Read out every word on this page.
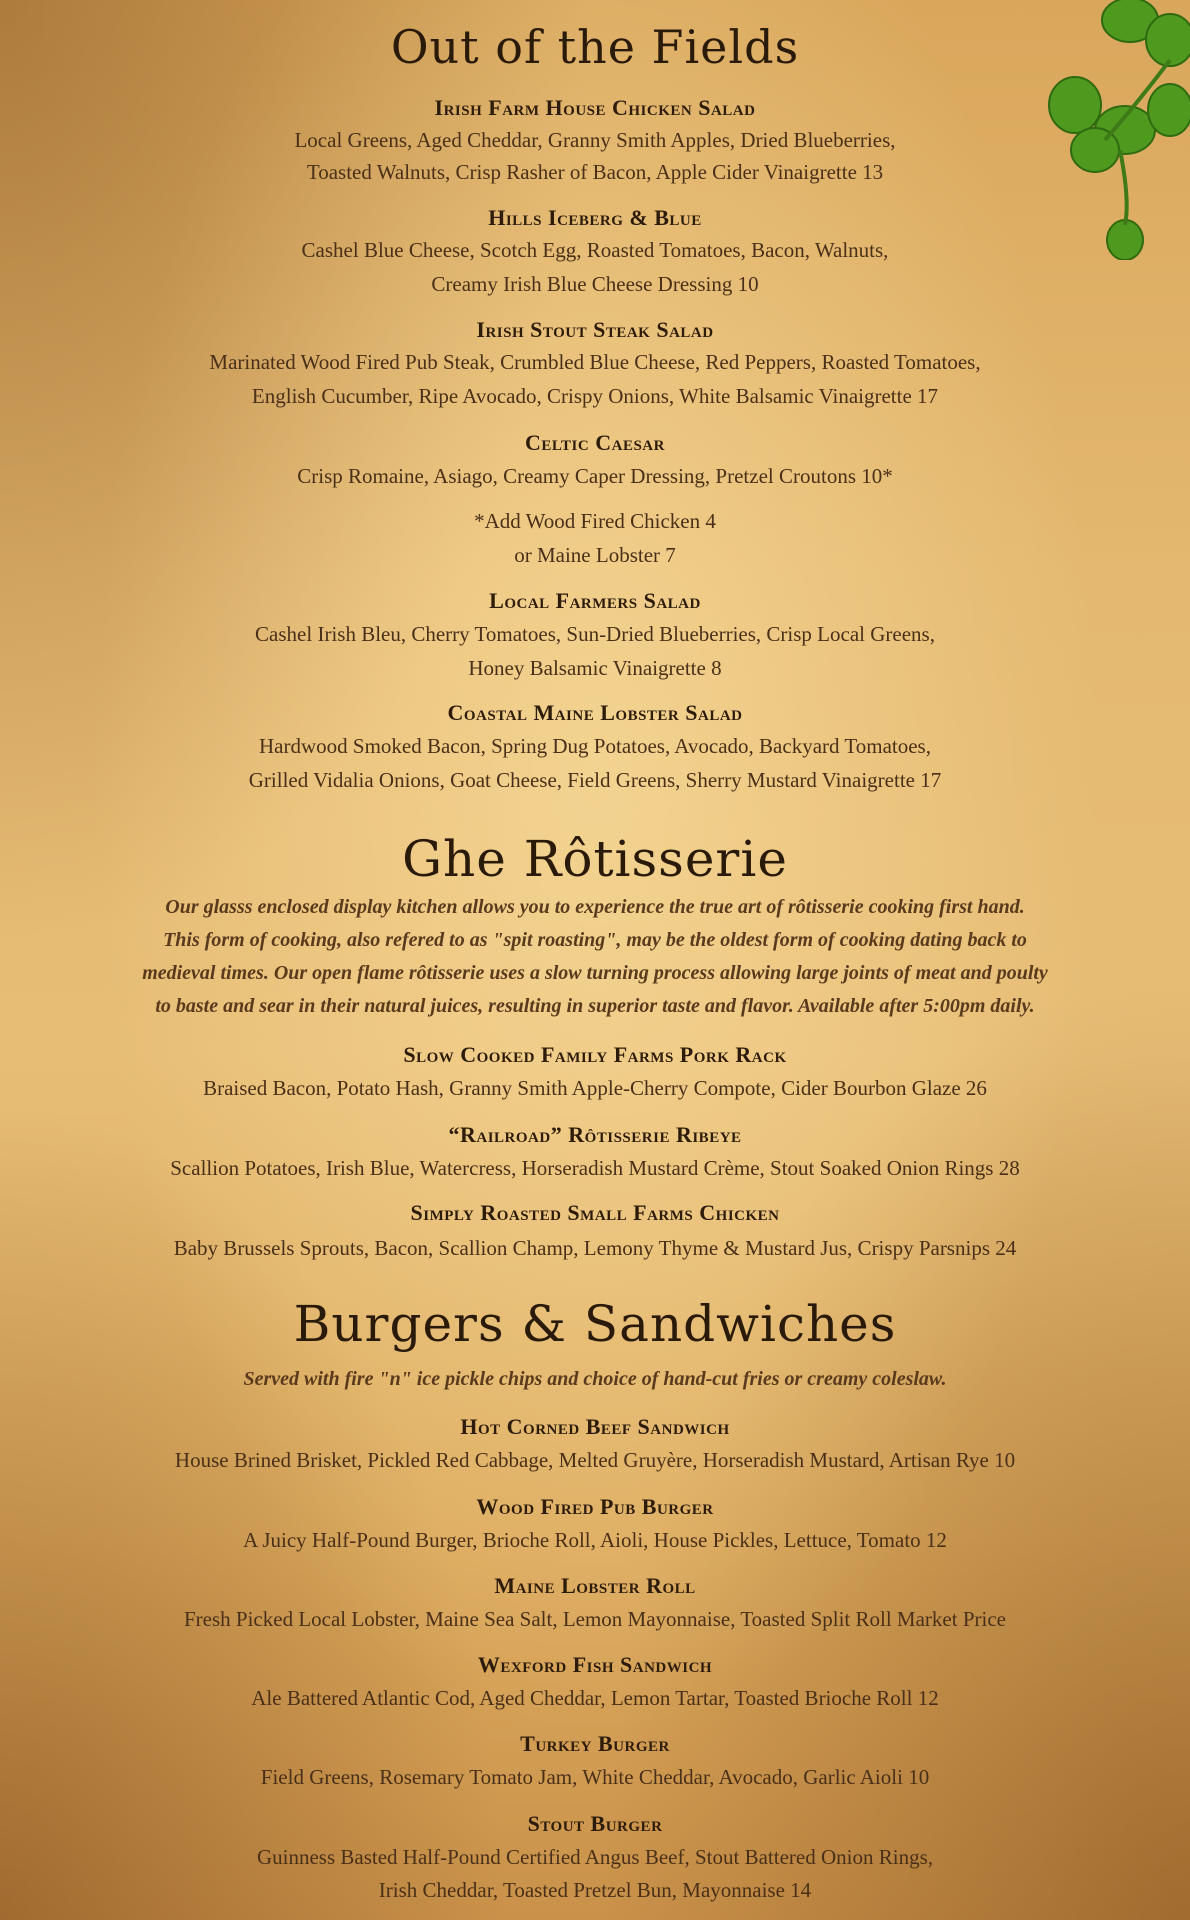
Out of the Fields
Irish Farm House Chicken Salad
Local Greens, Aged Cheddar, Granny Smith Apples, Dried Blueberries,
Toasted Walnuts, Crisp Rasher of Bacon, Apple Cider Vinaigrette 13
Hills Iceberg & Blue
Cashel Blue Cheese, Scotch Egg, Roasted Tomatoes, Bacon, Walnuts,
Creamy Irish Blue Cheese Dressing 10
Irish Stout Steak Salad
Marinated Wood Fired Pub Steak, Crumbled Blue Cheese, Red Peppers, Roasted Tomatoes,
English Cucumber, Ripe Avocado, Crispy Onions, White Balsamic Vinaigrette 17
Celtic Caesar
Crisp Romaine, Asiago, Creamy Caper Dressing, Pretzel Croutons 10*
*Add Wood Fired Chicken 4
or Maine Lobster 7
Local Farmers Salad
Cashel Irish Bleu, Cherry Tomatoes, Sun-Dried Blueberries, Crisp Local Greens,
Honey Balsamic Vinaigrette 8
Coastal Maine Lobster Salad
Hardwood Smoked Bacon, Spring Dug Potatoes, Avocado, Backyard Tomatoes,
Grilled Vidalia Onions, Goat Cheese, Field Greens, Sherry Mustard Vinaigrette 17
Ghe Rôtisserie
Our glasss enclosed display kitchen allows you to experience the true art of rôtisserie cooking first hand.
This form of cooking, also refered to as "spit roasting", may be the oldest form of cooking dating back to
medieval times. Our open flame rôtisserie uses a slow turning process allowing large joints of meat and poulty
to baste and sear in their natural juices, resulting in superior taste and flavor. Available after 5:00pm daily.
Slow Cooked Family Farms Pork Rack
Braised Bacon, Potato Hash, Granny Smith Apple-Cherry Compote, Cider Bourbon Glaze 26
“Railroad” Rôtisserie Ribeye
Scallion Potatoes, Irish Blue, Watercress, Horseradish Mustard Crème, Stout Soaked Onion Rings 28
Simply Roasted Small Farms Chicken
Baby Brussels Sprouts, Bacon, Scallion Champ, Lemony Thyme & Mustard Jus, Crispy Parsnips 24
Burgers & Sandwiches
Served with fire "n" ice pickle chips and choice of hand-cut fries or creamy coleslaw.
Hot Corned Beef Sandwich
House Brined Brisket, Pickled Red Cabbage, Melted Gruyère, Horseradish Mustard, Artisan Rye 10
Wood Fired Pub Burger
A Juicy Half-Pound Burger, Brioche Roll, Aioli, House Pickles, Lettuce, Tomato 12
Maine Lobster Roll
Fresh Picked Local Lobster, Maine Sea Salt, Lemon Mayonnaise, Toasted Split Roll Market Price
Wexford Fish Sandwich
Ale Battered Atlantic Cod, Aged Cheddar, Lemon Tartar, Toasted Brioche Roll 12
Turkey Burger
Field Greens, Rosemary Tomato Jam, White Cheddar, Avocado, Garlic Aioli 10
Stout Burger
Guinness Basted Half-Pound Certified Angus Beef, Stout Battered Onion Rings,
Irish Cheddar, Toasted Pretzel Bun, Mayonnaise 14
